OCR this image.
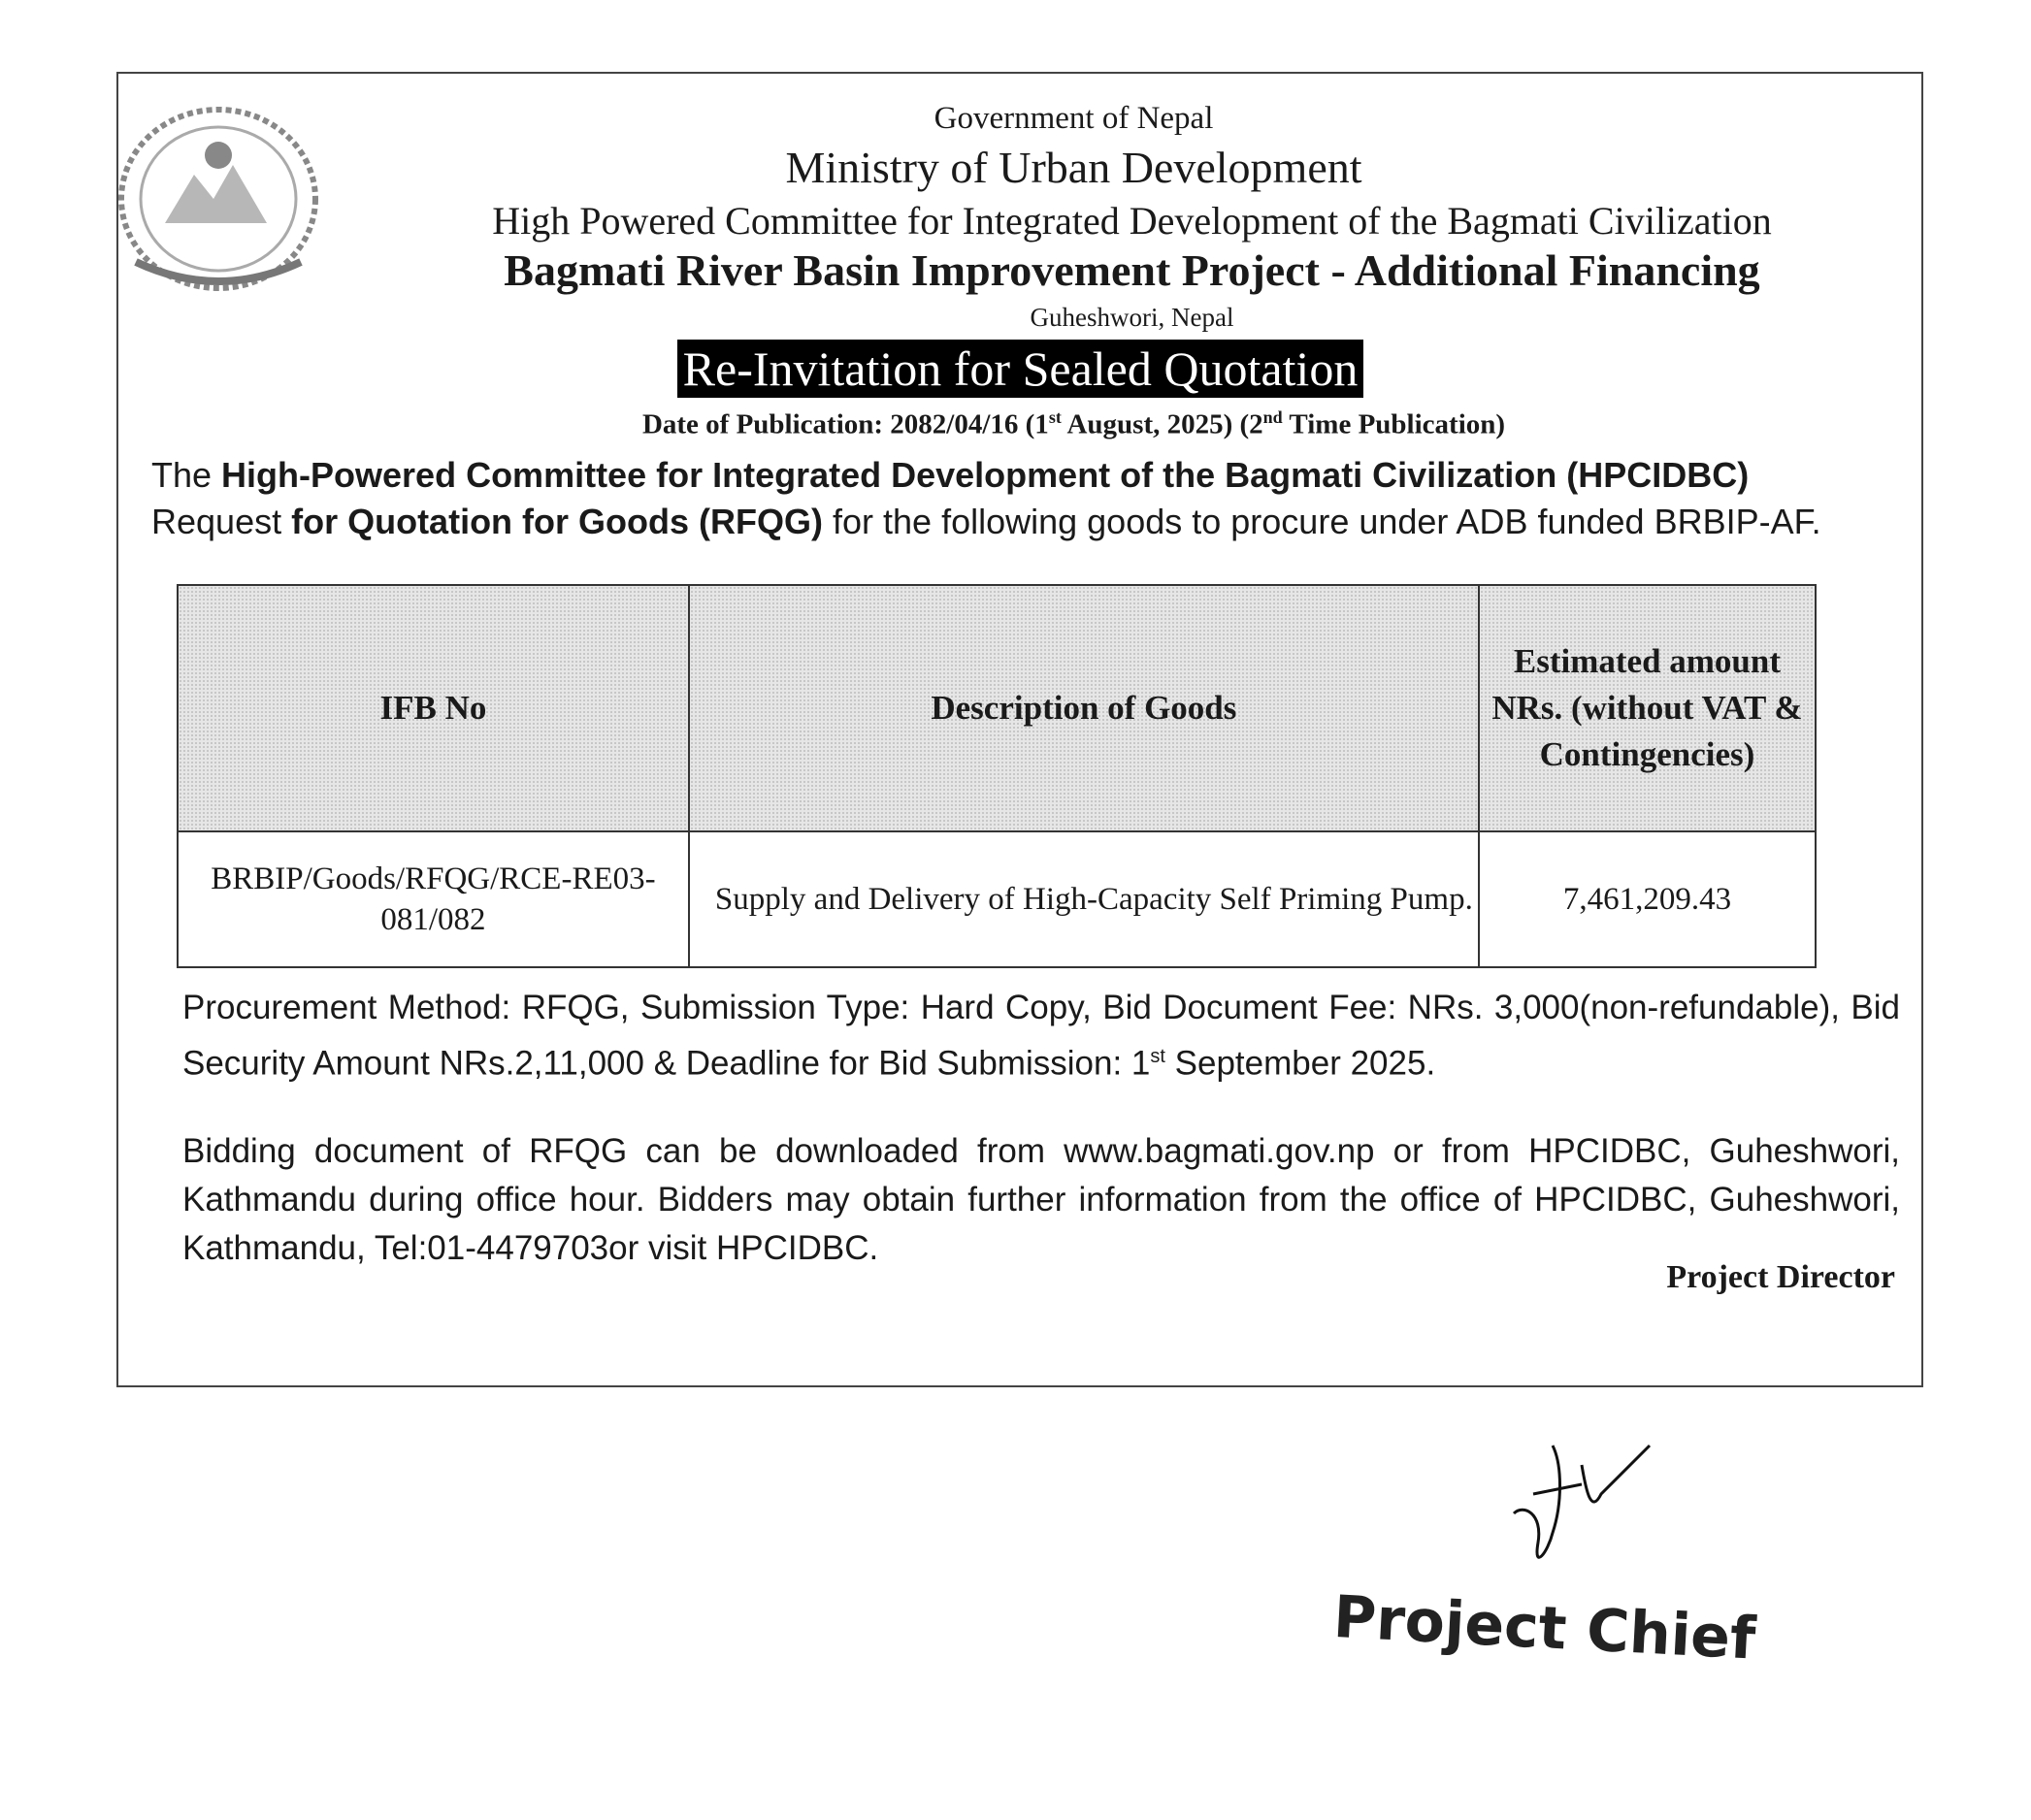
Government of Nepal
Ministry of Urban Development
High Powered Committee for Integrated Development of the Bagmati Civilization
Bagmati River Basin Improvement Project - Additional Financing
Guheshwori, Nepal
Re-Invitation for Sealed Quotation
Date of Publication: 2082/04/16 (1st August, 2025) (2nd Time Publication)
The High-Powered Committee for Integrated Development of the Bagmati Civilization (HPCIDBC) Request for Quotation for Goods (RFQG) for the following goods to procure under ADB funded BRBIP-AF.
IFB No	Description of Goods	Estimated amount NRs. (without VAT & Contingencies)
BRBIP/Goods/RFQG/RCE-RE03-081/082	Supply and Delivery of High-Capacity Self Priming Pump.	7,461,209.43
Procurement Method: RFQG, Submission Type: Hard Copy, Bid Document Fee: NRs. 3,000(non-refundable), Bid Security Amount NRs.2,11,000 & Deadline for Bid Submission: 1st September 2025.
Bidding document of RFQG can be downloaded from www.bagmati.gov.np or from HPCIDBC, Guheshwori, Kathmandu during office hour. Bidders may obtain further information from the office of HPCIDBC, Guheshwori, Kathmandu, Tel:01-4479703or visit HPCIDBC.
Project Director
Project Chief
